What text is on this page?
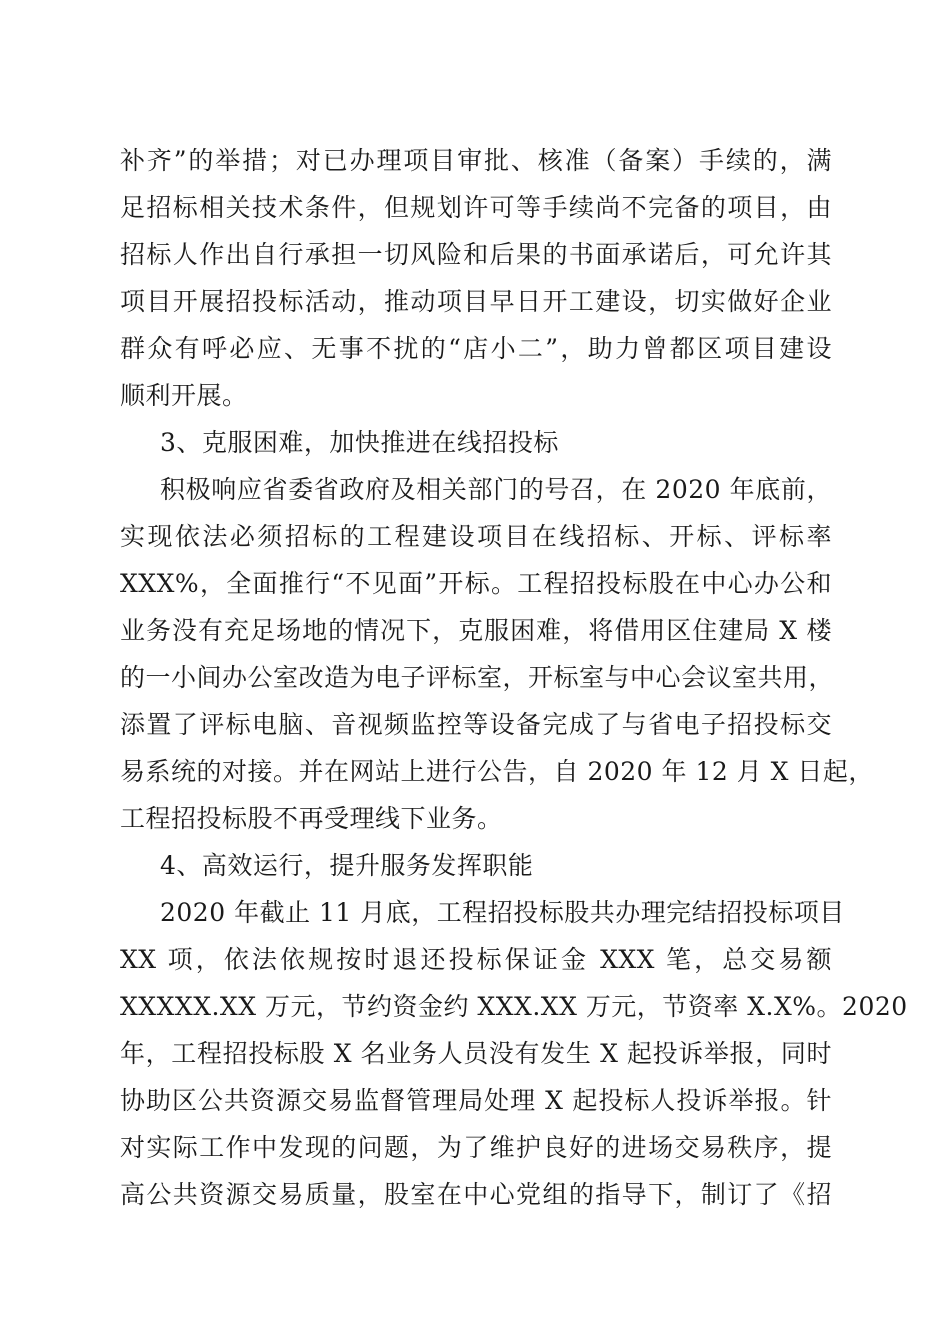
补齐”的举措；对已办理项目审批、核准（备案）手续的，满
足招标相关技术条件，但规划许可等手续尚不完备的项目，由
招标人作出自行承担一切风险和后果的书面承诺后，可允许其
项目开展招投标活动，推动项目早日开工建设，切实做好企业
群众有呼必应、无事不扰的“店小二”，助力曾都区项目建设
顺利开展。
3、克服困难，加快推进在线招投标
积极响应省委省政府及相关部门的号召，在 2020 年底前，
实现依法必须招标的工程建设项目在线招标、开标、评标率
XXX%，全面推行“不见面”开标。工程招投标股在中心办公和
业务没有充足场地的情况下，克服困难，将借用区住建局 X 楼
的一小间办公室改造为电子评标室，开标室与中心会议室共用，
添置了评标电脑、音视频监控等设备完成了与省电子招投标交
易系统的对接。并在网站上进行公告，自 2020 年 12 月 X 日起，
工程招投标股不再受理线下业务。
4、高效运行，提升服务发挥职能
2020 年截止 11 月底，工程招投标股共办理完结招投标项目
XX 项，依法依规按时退还投标保证金 XXX 笔，总交易额
XXXXX.XX 万元，节约资金约 XXX.XX 万元，节资率 X.X%。2020
年，工程招投标股 X 名业务人员没有发生 X 起投诉举报，同时
协助区公共资源交易监督管理局处理 X 起投标人投诉举报。针
对实际工作中发现的问题，为了维护良好的进场交易秩序，提
高公共资源交易质量，股室在中心党组的指导下，制订了《招
